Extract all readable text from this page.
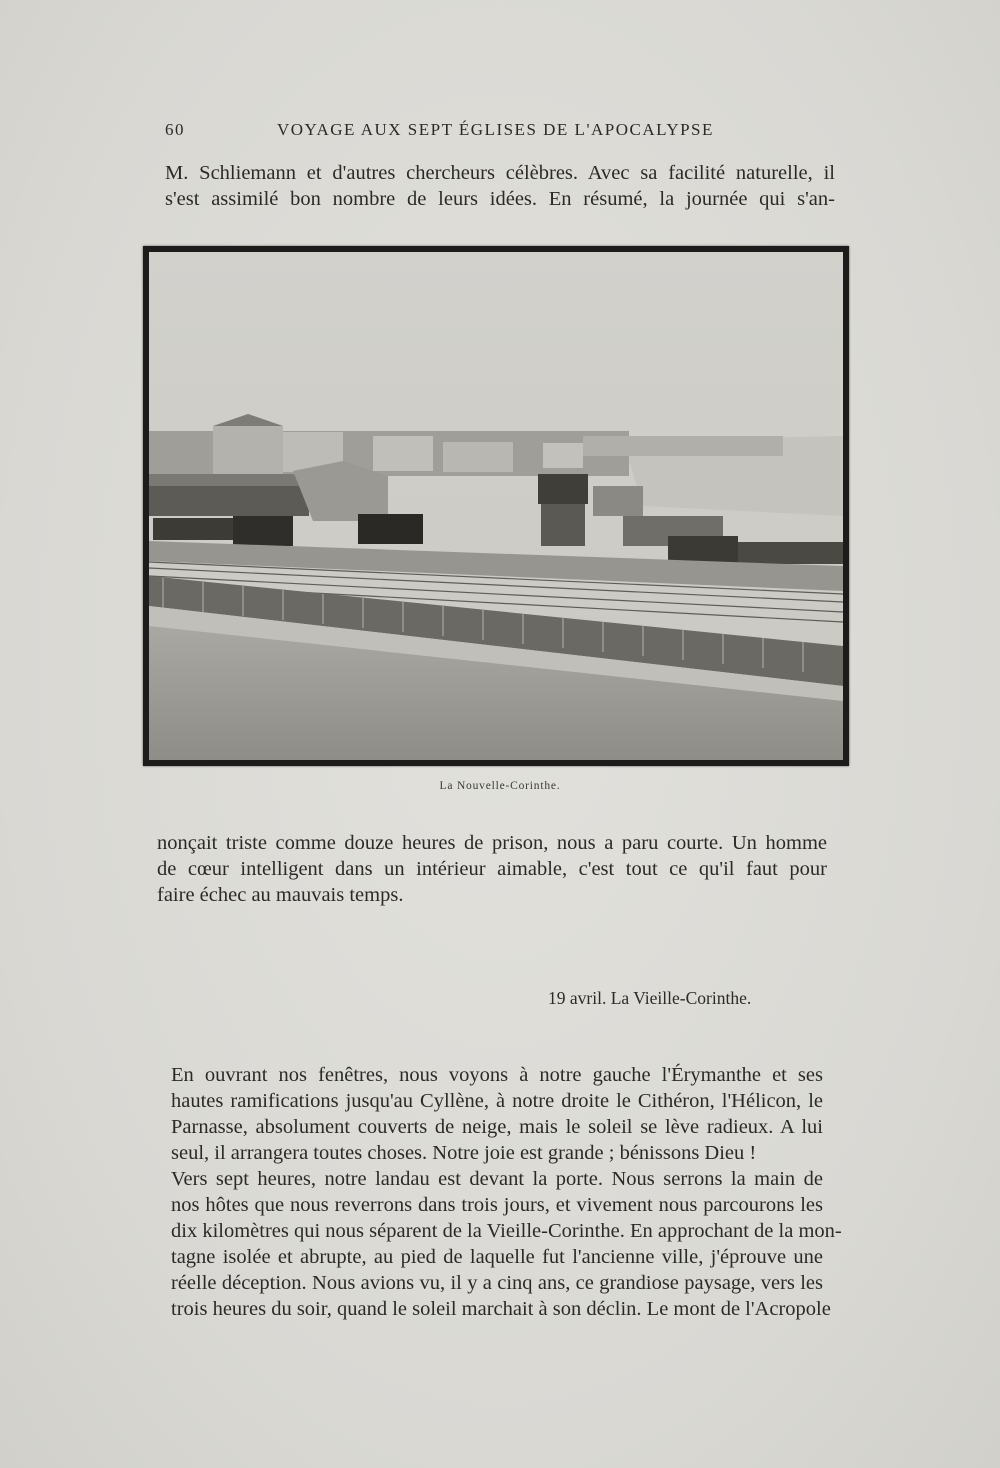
60	VOYAGE AUX SEPT ÉGLISES DE L'APOCALYPSE
M. Schliemann et d'autres chercheurs célèbres. Avec sa facilité naturelle, il
s'est assimilé bon nombre de leurs idées. En résumé, la journée qui s'an-
La Nouvelle-Corinthe.
nonçait triste comme douze heures de prison, nous a paru courte. Un homme
de cœur intelligent dans un intérieur aimable, c'est tout ce qu'il faut pour
faire échec au mauvais temps.
19 avril. La Vieille-Corinthe.
En ouvrant nos fenêtres, nous voyons à notre gauche l'Érymanthe et ses
hautes ramifications jusqu'au Cyllène, à notre droite le Cithéron, l'Hélicon, le
Parnasse, absolument couverts de neige, mais le soleil se lève radieux. A lui
seul, il arrangera toutes choses. Notre joie est grande ; bénissons Dieu !
Vers sept heures, notre landau est devant la porte. Nous serrons la main de
nos hôtes que nous reverrons dans trois jours, et vivement nous parcourons les
dix kilomètres qui nous séparent de la Vieille-Corinthe. En approchant de la mon-
tagne isolée et abrupte, au pied de laquelle fut l'ancienne ville, j'éprouve une
réelle déception. Nous avions vu, il y a cinq ans, ce grandiose paysage, vers les
trois heures du soir, quand le soleil marchait à son déclin. Le mont de l'Acropole
